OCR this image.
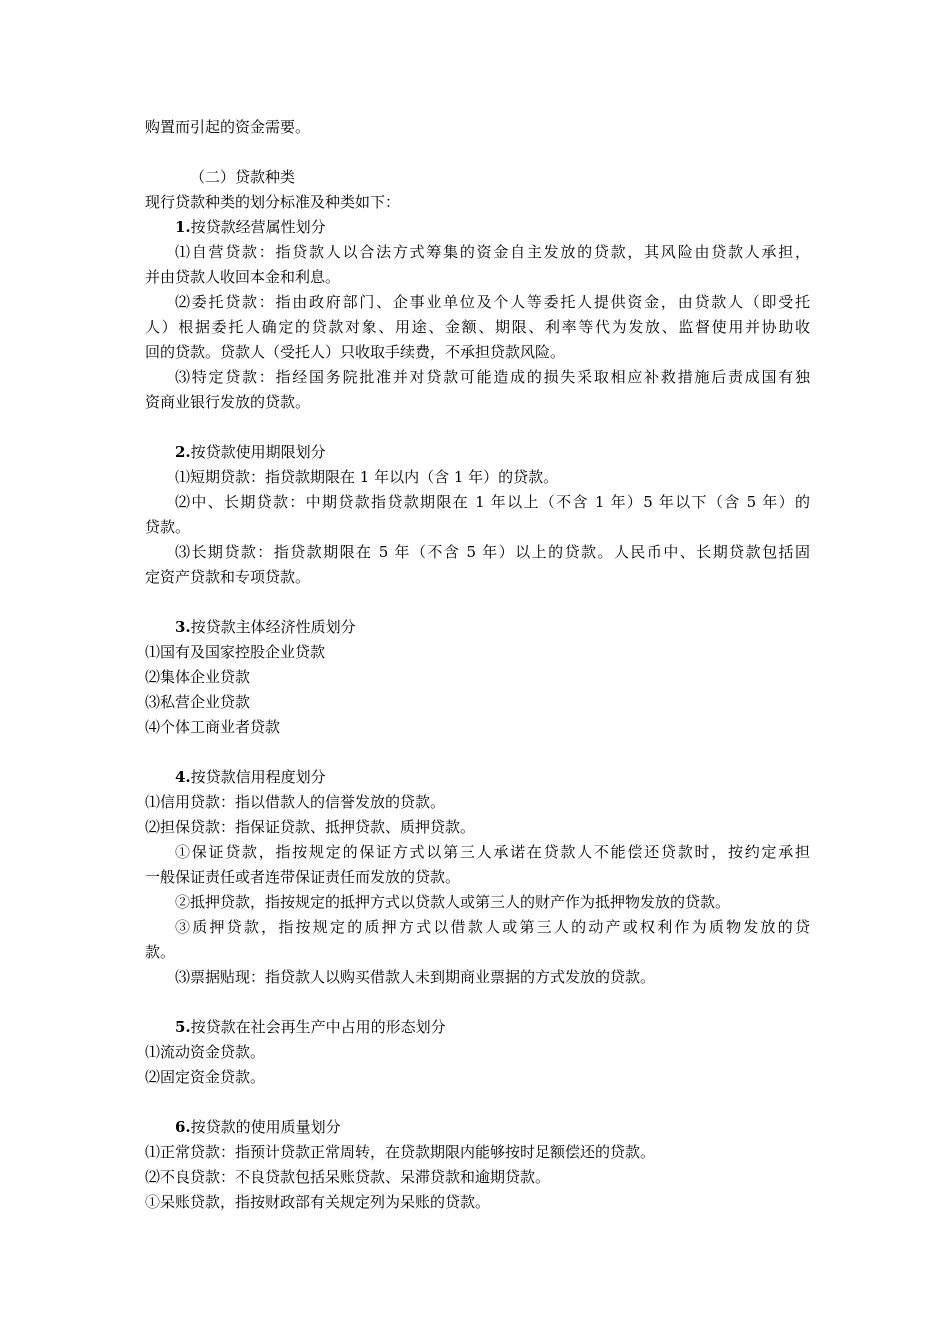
购置而引起的资金需要。
（二）贷款种类
现行贷款种类的划分标准及种类如下：
1.按贷款经营属性划分
⑴自营贷款：指贷款人以合法方式筹集的资金自主发放的贷款，其风险由贷款人承担，
并由贷款人收回本金和利息。
⑵委托贷款：指由政府部门、企事业单位及个人等委托人提供资金，由贷款人（即受托
人）根据委托人确定的贷款对象、用途、金额、期限、利率等代为发放、监督使用并协助收
回的贷款。贷款人（受托人）只收取手续费，不承担贷款风险。
⑶特定贷款：指经国务院批准并对贷款可能造成的损失采取相应补救措施后责成国有独
资商业银行发放的贷款。
2.按贷款使用期限划分
⑴短期贷款：指贷款期限在 1 年以内（含 1 年）的贷款。
⑵中、长期贷款：中期贷款指贷款期限在 1 年以上（不含 1 年）5 年以下（含 5 年）的
贷款。
⑶长期贷款：指贷款期限在 5 年（不含 5 年）以上的贷款。人民币中、长期贷款包括固
定资产贷款和专项贷款。
3.按贷款主体经济性质划分
⑴国有及国家控股企业贷款
⑵集体企业贷款
⑶私营企业贷款
⑷个体工商业者贷款
4.按贷款信用程度划分
⑴信用贷款：指以借款人的信誉发放的贷款。
⑵担保贷款：指保证贷款、抵押贷款、质押贷款。
①保证贷款，指按规定的保证方式以第三人承诺在贷款人不能偿还贷款时，按约定承担
一般保证责任或者连带保证责任而发放的贷款。
②抵押贷款，指按规定的抵押方式以贷款人或第三人的财产作为抵押物发放的贷款。
③质押贷款，指按规定的质押方式以借款人或第三人的动产或权利作为质物发放的贷
款。
⑶票据贴现：指贷款人以购买借款人未到期商业票据的方式发放的贷款。
5.按贷款在社会再生产中占用的形态划分
⑴流动资金贷款。
⑵固定资金贷款。
6.按贷款的使用质量划分
⑴正常贷款：指预计贷款正常周转，在贷款期限内能够按时足额偿还的贷款。
⑵不良贷款：不良贷款包括呆账贷款、呆滞贷款和逾期贷款。
①呆账贷款，指按财政部有关规定列为呆账的贷款。
